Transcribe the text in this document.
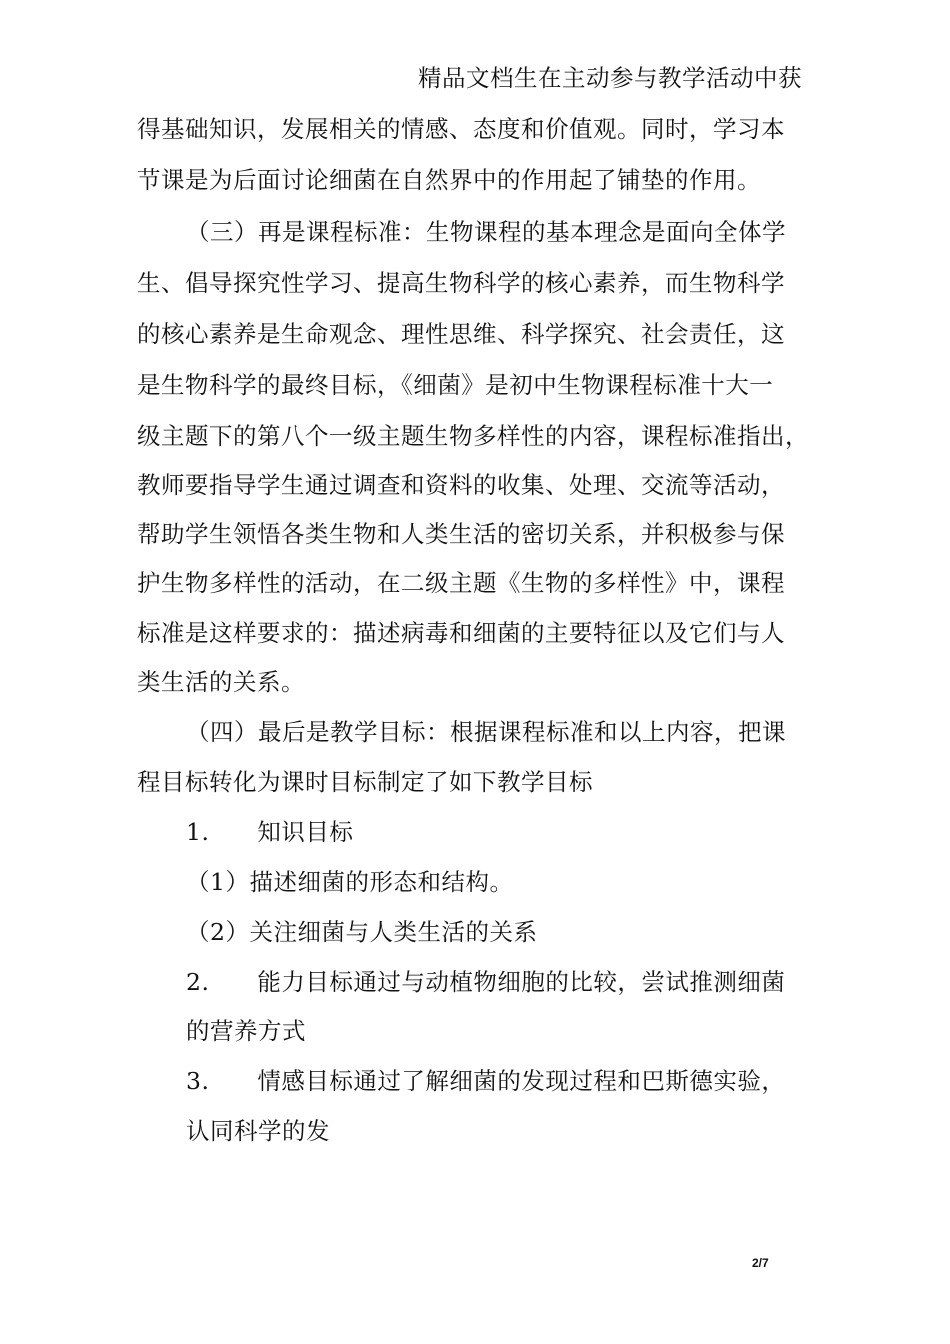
精品文档生在主动参与教学活动中获
得基础知识，发展相关的情感、态度和价值观。同时，学习本
节课是为后面讨论细菌在自然界中的作用起了铺垫的作用。
（三）再是课程标准：生物课程的基本理念是面向全体学
生、倡导探究性学习、提高生物科学的核心素养，而生物科学
的核心素养是生命观念、理性思维、科学探究、社会责任，这
是生物科学的最终目标，《细菌》是初中生物课程标准十大一
级主题下的第八个一级主题生物多样性的内容，课程标准指出，
教师要指导学生通过调查和资料的收集、处理、交流等活动，
帮助学生领悟各类生物和人类生活的密切关系，并积极参与保
护生物多样性的活动，在二级主题《生物的多样性》中，课程
标准是这样要求的：描述病毒和细菌的主要特征以及它们与人
类生活的关系。
（四）最后是教学目标：根据课程标准和以上内容，把课
程目标转化为课时目标制定了如下教学目标
1.　　知识目标
（1）描述细菌的形态和结构。
（2）关注细菌与人类生活的关系
2.　　能力目标通过与动植物细胞的比较，尝试推测细菌
的营养方式
3.　　情感目标通过了解细菌的发现过程和巴斯德实验，
认同科学的发
2/7
